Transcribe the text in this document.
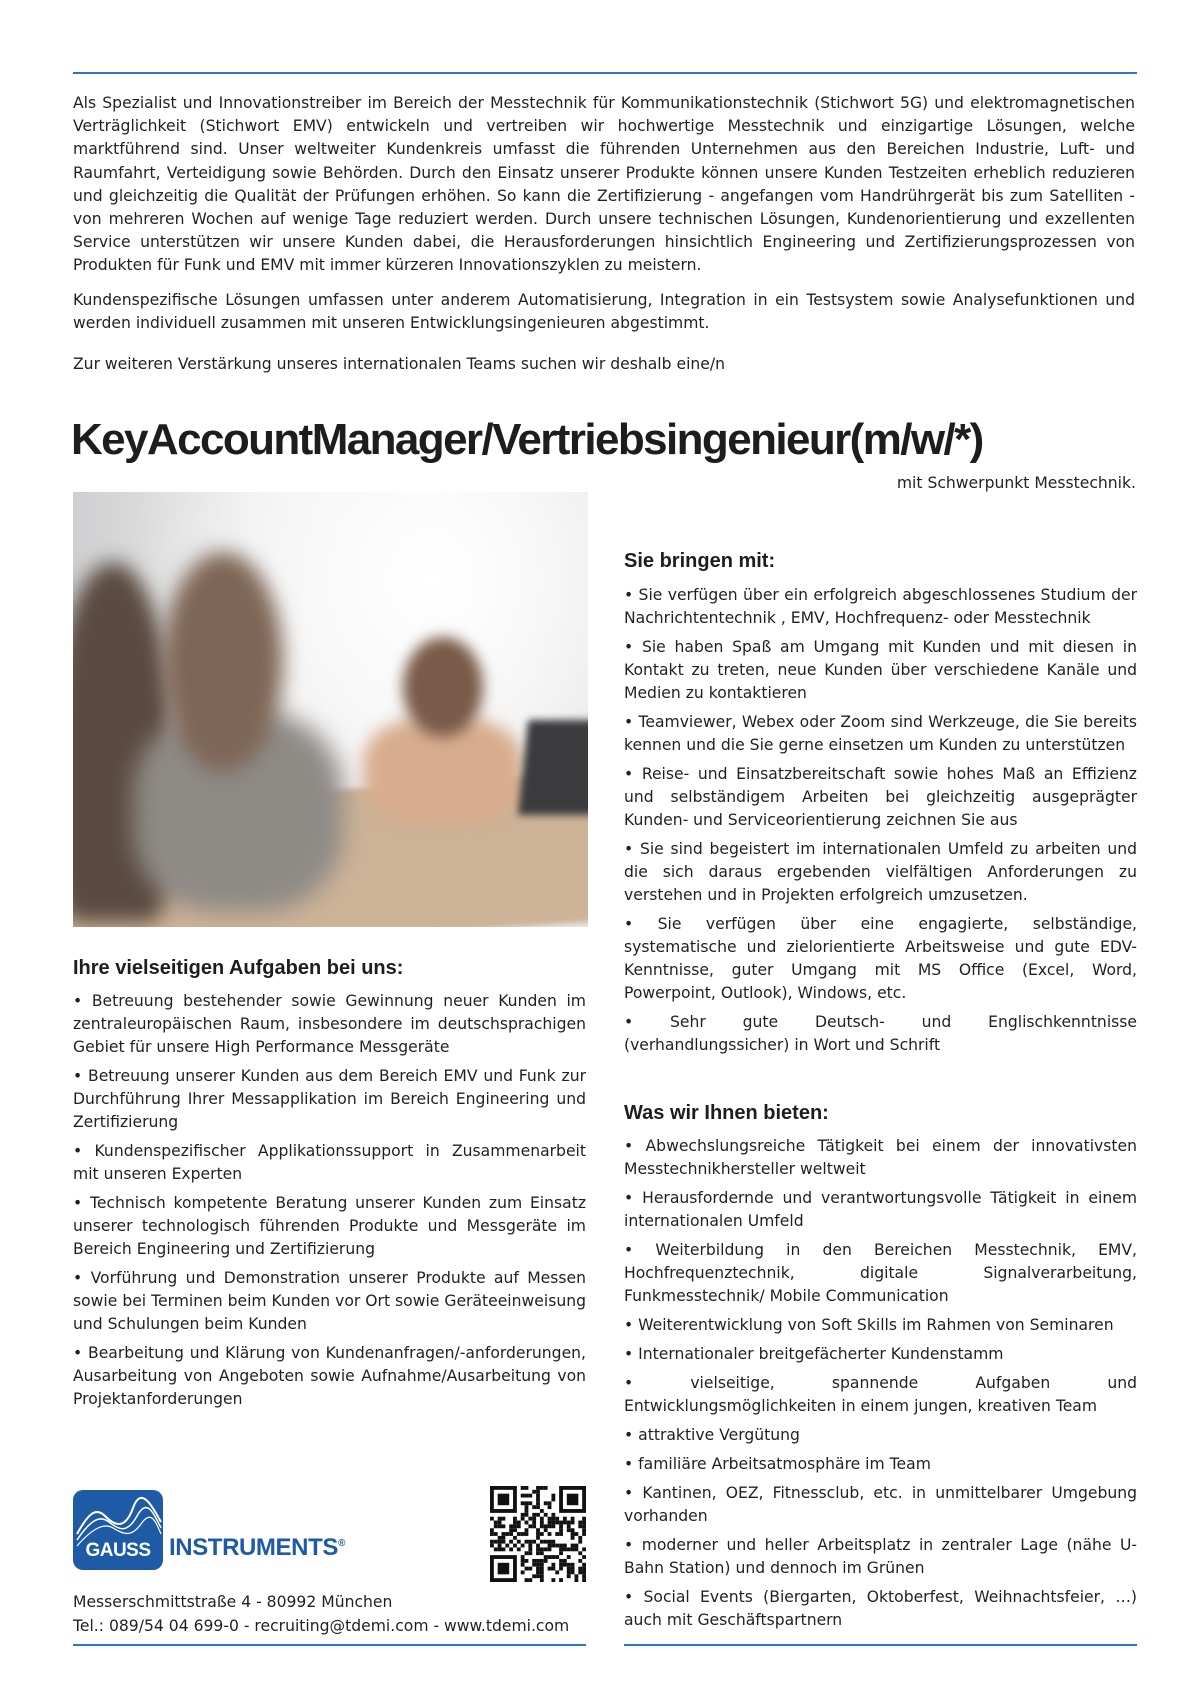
Als Spezialist und Innovationstreiber im Bereich der Messtechnik für Kommunikationstechnik (Stichwort 5G) und elektromagnetischen Verträglichkeit (Stichwort EMV) entwickeln und vertreiben wir hochwertige Messtechnik und einzigartige Lösungen, welche marktführend sind. Unser weltweiter Kundenkreis umfasst die führenden Unternehmen aus den Bereichen Industrie, Luft- und Raumfahrt, Verteidigung sowie Behörden. Durch den Einsatz unserer Produkte können unsere Kunden Testzeiten erheblich reduzieren und gleichzeitig die Qualität der Prüfungen erhöhen. So kann die Zertifizierung - angefangen vom Handrührgerät bis zum Satelliten - von mehreren Wochen auf wenige Tage reduziert werden. Durch unsere technischen Lösungen, Kundenorientierung und exzellenten Service unterstützen wir unsere Kunden dabei, die Herausforderungen hinsichtlich Engineering und Zertifizierungsprozessen von Produkten für Funk und EMV mit immer kürzeren Innovationszyklen zu meistern.

Kundenspezifische Lösungen umfassen unter anderem Automatisierung, Integration in ein Testsystem sowie Analysefunktionen und werden individuell zusammen mit unseren Entwicklungsingenieuren abgestimmt.

Zur weiteren Verstärkung unseres internationalen Teams suchen wir deshalb eine/n

KeyAccountManager/Vertriebsingenieur(m/w/*)
mit Schwerpunkt Messtechnik.
Ihre vielseitigen Aufgaben bei uns:
• Betreuung bestehender sowie Gewinnung neuer Kunden im zentraleuropäischen Raum, insbesondere im deutschsprachigen Gebiet für unsere High Performance Messgeräte
• Betreuung unserer Kunden aus dem Bereich EMV und Funk zur Durchführung Ihrer Messapplikation im Bereich Engineering und Zertifizierung
• Kundenspezifischer Applikationssupport in Zusammenarbeit mit unseren Experten
• Technisch kompetente Beratung unserer Kunden zum Einsatz unserer technologisch führenden Produkte und Messgeräte im Bereich Engineering und Zertifizierung
• Vorführung und Demonstration unserer Produkte auf Messen sowie bei Terminen beim Kunden vor Ort sowie Geräteeinweisung und Schulungen beim Kunden
• Bearbeitung und Klärung von Kundenanfragen/-anforderungen, Ausarbeitung von Angeboten sowie Aufnahme/Ausarbeitung von Projektanforderungen
Sie bringen mit:
• Sie verfügen über ein erfolgreich abgeschlossenes Studium der Nachrichtentechnik , EMV, Hochfrequenz- oder Messtechnik
• Sie haben Spaß am Umgang mit Kunden und mit diesen in Kontakt zu treten, neue Kunden über verschiedene Kanäle und Medien zu kontaktieren
• Teamviewer, Webex oder Zoom sind Werkzeuge, die Sie bereits kennen und die Sie gerne einsetzen um Kunden zu unterstützen
• Reise- und Einsatzbereitschaft sowie hohes Maß an Effizienz und selbständigem Arbeiten bei gleichzeitig ausgeprägter Kunden- und Serviceorientierung zeichnen Sie aus
• Sie sind begeistert im internationalen Umfeld zu arbeiten und die sich daraus ergebenden vielfältigen Anforderungen zu verstehen und in Projekten erfolgreich umzusetzen.
• Sie verfügen über eine engagierte, selbständige, systematische und zielorientierte Arbeitsweise und gute EDV-Kenntnisse, guter Umgang mit MS Office (Excel, Word, Powerpoint, Outlook), Windows, etc.
• Sehr gute Deutsch- und Englischkenntnisse (verhandlungssicher) in Wort und Schrift
Was wir Ihnen bieten:
• Abwechslungsreiche Tätigkeit bei einem der innovativsten Messtechnikhersteller weltweit
• Herausfordernde und verantwortungsvolle Tätigkeit in einem internationalen Umfeld
• Weiterbildung in den Bereichen Messtechnik, EMV, Hochfrequenztechnik, digitale Signalverarbeitung, Funkmesstechnik/ Mobile Communication
• Weiterentwicklung von Soft Skills im Rahmen von Seminaren
• Internationaler breitgefächerter Kundenstamm
• vielseitige, spannende Aufgaben und Entwicklungsmöglichkeiten in einem jungen, kreativen Team
• attraktive Vergütung
• familiäre Arbeitsatmosphäre im Team
• Kantinen, OEZ, Fitnessclub, etc. in unmittelbarer Umgebung vorhanden
• moderner und heller Arbeitsplatz in zentraler Lage (nähe U-Bahn Station) und dennoch im Grünen
• Social Events (Biergarten, Oktoberfest, Weihnachtsfeier, …) auch mit Geschäftspartnern
GAUSS INSTRUMENTS®
Messerschmittstraße 4 - 80992 München
Tel.: 089/54 04 699-0 - recruiting@tdemi.com - www.tdemi.com
